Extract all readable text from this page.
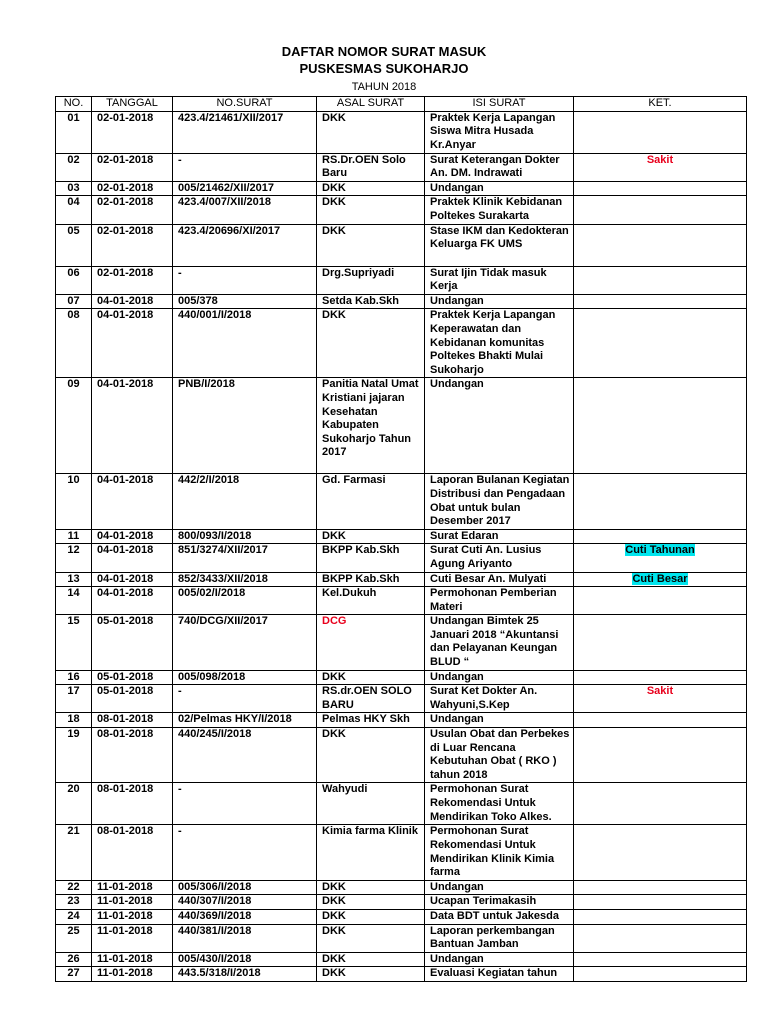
DAFTAR NOMOR SURAT MASUK
PUSKESMAS SUKOHARJO
TAHUN 2018
NO.	TANGGAL	NO.SURAT	ASAL SURAT	ISI SURAT	KET.
01	02-01-2018	423.4/21461/XII/2017	DKK	Praktek Kerja Lapangan Siswa Mitra Husada Kr.Anyar	
02	02-01-2018	-	RS.Dr.OEN Solo Baru	Surat Keterangan Dokter An. DM. Indrawati	Sakit
03	02-01-2018	005/21462/XII/2017	DKK	Undangan	
04	02-01-2018	423.4/007/XII/2018	DKK	Praktek Klinik Kebidanan Poltekes Surakarta	
05	02-01-2018	423.4/20696/XI/2017	DKK	Stase IKM dan Kedokteran Keluarga FK UMS	
06	02-01-2018	-	Drg.Supriyadi	Surat Ijin Tidak masuk Kerja	
07	04-01-2018	005/378	Setda Kab.Skh	Undangan	
08	04-01-2018	440/001/I/2018	DKK	Praktek Kerja Lapangan Keperawatan dan Kebidanan komunitas Poltekes Bhakti Mulai Sukoharjo	
09	04-01-2018	PNB/I/2018	Panitia Natal Umat Kristiani jajaran Kesehatan Kabupaten Sukoharjo Tahun 2017	Undangan	
10	04-01-2018	442/2/I/2018	Gd. Farmasi	Laporan Bulanan Kegiatan Distribusi dan Pengadaan Obat untuk bulan Desember 2017	
11	04-01-2018	800/093/I/2018	DKK	Surat Edaran	
12	04-01-2018	851/3274/XII/2017	BKPP Kab.Skh	Surat Cuti An. Lusius Agung Ariyanto	Cuti Tahunan
13	04-01-2018	852/3433/XII/2018	BKPP Kab.Skh	Cuti Besar An. Mulyati	Cuti Besar
14	04-01-2018	005/02/I/2018	Kel.Dukuh	Permohonan Pemberian Materi	
15	05-01-2018	740/DCG/XII/2017	DCG	Undangan Bimtek 25 Januari 2018 “Akuntansi dan Pelayanan Keungan BLUD “	
16	05-01-2018	005/098/2018	DKK	Undangan	
17	05-01-2018	-	RS.dr.OEN SOLO BARU	Surat Ket Dokter An. Wahyuni,S.Kep	Sakit
18	08-01-2018	02/Pelmas HKY/I/2018	Pelmas HKY Skh	Undangan	
19	08-01-2018	440/245/I/2018	DKK	Usulan Obat dan Perbekes di Luar Rencana Kebutuhan Obat ( RKO ) tahun 2018	
20	08-01-2018	-	Wahyudi	Permohonan Surat Rekomendasi Untuk Mendirikan Toko Alkes.	
21	08-01-2018	-	Kimia farma Klinik	Permohonan Surat Rekomendasi Untuk Mendirikan Klinik Kimia farma	
22	11-01-2018	005/306/I/2018	DKK	Undangan	
23	11-01-2018	440/307/I/2018	DKK	Ucapan Terimakasih	
24	11-01-2018	440/369/I/2018	DKK	Data BDT untuk Jakesda	
25	11-01-2018	440/381/I/2018	DKK	Laporan perkembangan Bantuan Jamban	
26	11-01-2018	005/430/I/2018	DKK	Undangan	
27	11-01-2018	443.5/318/I/2018	DKK	Evaluasi Kegiatan tahun	
